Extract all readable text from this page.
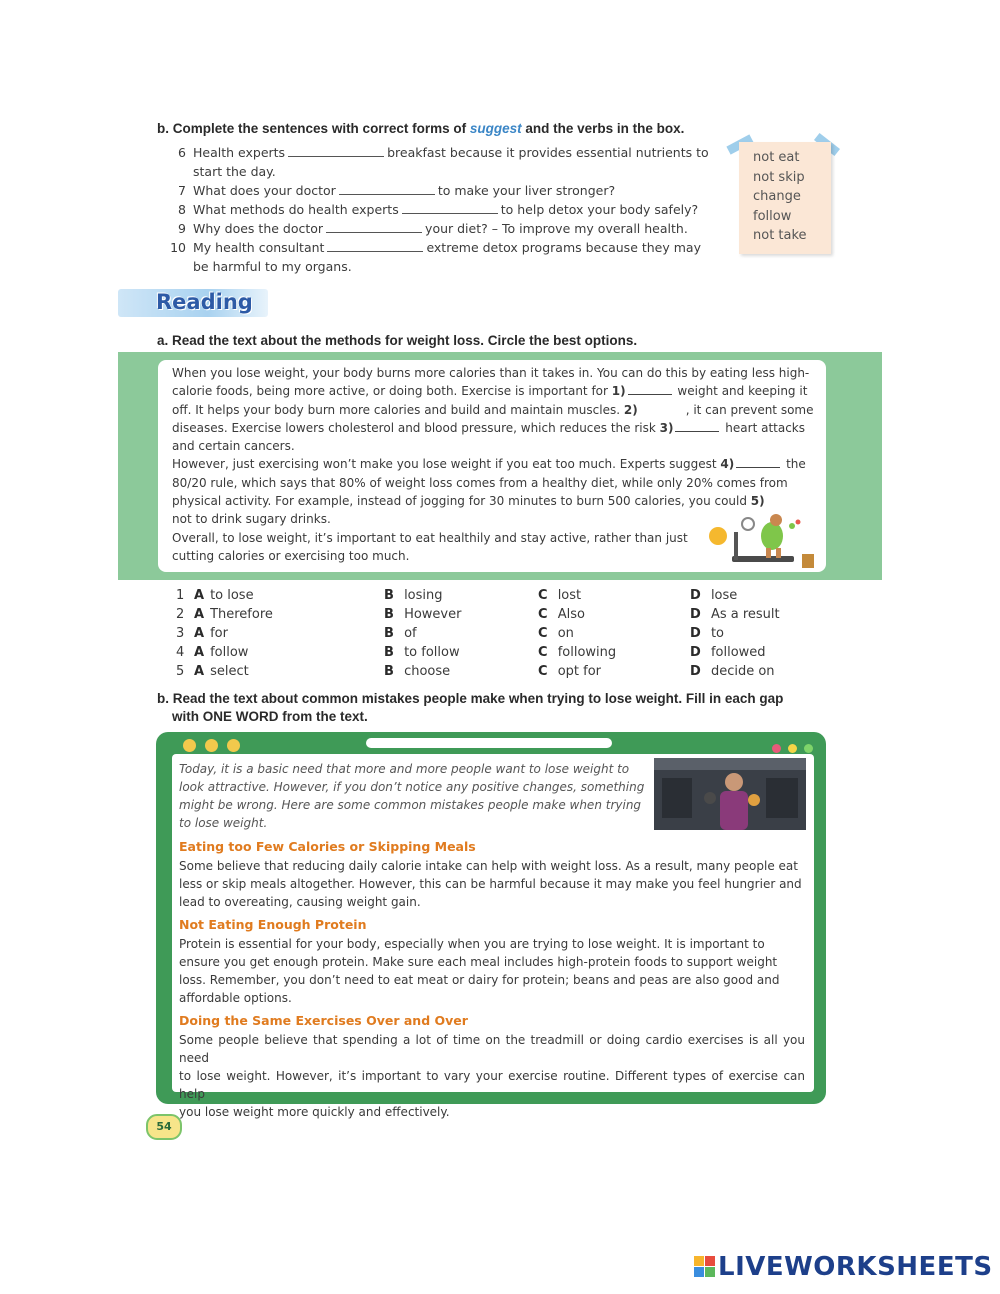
b. Complete the sentences with correct forms of suggest and the verbs in the box.
6 Health experts	breakfast because it provides essential nutrients to
start the day.
7 What does your doctor	to make your liver stronger?
8 What methods do health experts	to help detox your body safely?
9 Why does the doctor	your diet? – To improve my overall health.
10 My health consultant	extreme detox programs because they may
be harmful to my organs.
not eat
not skip
change
follow
not take
Reading
a. Read the text about the methods for weight loss. Circle the best options.
When you lose weight, your body burns more calories than it takes in. You can do this by eating less high-
calorie foods, being more active, or doing both. Exercise is important for 1)	weight and keeping it
off. It helps your body burn more calories and build and maintain muscles. 2)	, it can prevent some
diseases. Exercise lowers cholesterol and blood pressure, which reduces the risk 3)	heart attacks
and certain cancers.
However, just exercising won’t make you lose weight if you eat too much. Experts suggest 4)	the
80/20 rule, which says that 80% of weight loss comes from a healthy diet, while only 20% comes from
physical activity. For example, instead of jogging for 30 minutes to burn 500 calories, you could 5)
not to drink sugary drinks.
Overall, to lose weight, it’s important to eat healthily and stay active, rather than just
cutting calories or exercising too much.
1 A to lose	B losing	C lost	D lose
2 A Therefore	B However	C Also	D As a result
3 A for	B of	C on	D to
4 A follow	B to follow	C following	D followed
5 A select	B choose	C opt for	D decide on
b. Read the text about common mistakes people make when trying to lose weight. Fill in each gap
with ONE WORD from the text.

Today, it is a basic need that more and more people want to lose weight to
look attractive. However, if you don’t notice any positive changes, something
might be wrong. Here are some common mistakes people make when trying
to lose weight.
Eating too Few Calories or Skipping Meals
Some believe that reducing daily calorie intake can help with weight loss. As a result, many people eat
less or skip meals altogether. However, this can be harmful because it may make you feel hungrier and
lead to overeating, causing weight gain.
Not Eating Enough Protein
Protein is essential for your body, especially when you are trying to lose weight. It is important to
ensure you get enough protein. Make sure each meal includes high-protein foods to support weight
loss. Remember, you don’t need to eat meat or dairy for protein; beans and peas are also good and
affordable options.
Doing the Same Exercises Over and Over
Some people believe that spending a lot of time on the treadmill or doing cardio exercises is all you need
to lose weight. However, it’s important to vary your exercise routine. Different types of exercise can help
you lose weight more quickly and effectively.
54
LIVEWORKSHEETS
